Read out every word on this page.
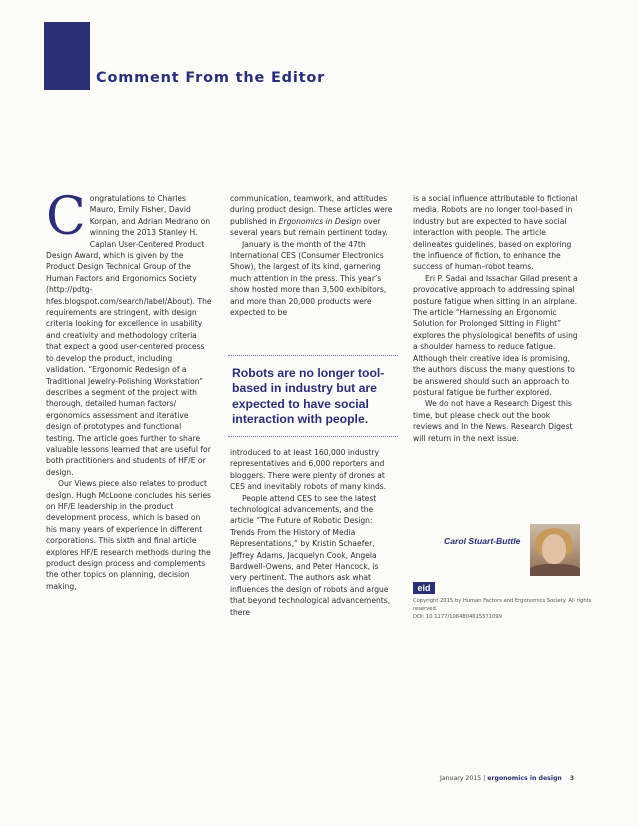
Comment From the Editor
C ongratulations to Charles Mauro, Emily Fisher, David Korpan, and Adrian Medrano on winning the 2013 Stanley H. Caplan User-Centered Product Design Award, which is given by the Product Design Technical Group of the Human Factors and Ergonomics Society (http://pdtg-hfes.blogspot.com/search/label/About). The requirements are stringent, with design criteria looking for excellence in usability and creativity and methodology criteria that expect a good user-centered process to develop the product, including validation. “Ergonomic Redesign of a Traditional Jewelry-Polishing Workstation” describes a segment of the project with thorough, detailed human factors/ ergonomics assessment and iterative design of prototypes and functional testing. The article goes further to share valuable lessons learned that are useful for both practitioners and students of HF/E or design.

Our Views piece also relates to product design. Hugh McLoone concludes his series on HF/E leadership in the product development process, which is based on his many years of experience in different corporations. This sixth and final article explores HF/E research methods during the product design process and complements the other topics on planning, decision making,

communication, teamwork, and attitudes during product design. These articles were published in Ergonomics in Design over several years but remain pertinent today.

January is the month of the 47th International CES (Consumer Electronics Show), the largest of its kind, garnering much attention in the press. This year’s show hosted more than 3,500 exhibitors, and more than 20,000 products were expected to be

Robots are no longer tool-based in industry but are expected to have social interaction with people.

introduced to at least 160,000 industry representatives and 6,000 reporters and bloggers. There were plenty of drones at CES and inevitably robots of many kinds.

People attend CES to see the latest technological advancements, and the article “The Future of Robotic Design: Trends From the History of Media Representations,” by Kristin Schaefer, Jeffrey Adams, Jacquelyn Cook, Angela Bardwell-Owens, and Peter Hancock, is very pertinent. The authors ask what influences the design of robots and argue that beyond technological advancements, there

is a social influence attributable to fictional media. Robots are no longer tool-based in industry but are expected to have social interaction with people. The article delineates guidelines, based on exploring the influence of fiction, to enhance the success of human–robot teams.

Eri P. Sadai and Issachar Gilad present a provocative approach to addressing spinal posture fatigue when sitting in an airplane. The article “Harnessing an Ergonomic Solution for Prolonged Sitting in Flight” explores the physiological benefits of using a shoulder harness to reduce fatigue. Although their creative idea is promising, the authors discuss the many questions to be answered should such an approach to postural fatigue be further explored.

We do not have a Research Digest this time, but please check out the book reviews and In the News. Research Digest will return in the next issue.

Carol Stuart-Buttle
eid

Copyright 2015 by Human Factors and Ergonomics Society. All rights reserved.

DOI: 10.1177/1064804615571099

January 2015 | ergonomics in design 3
